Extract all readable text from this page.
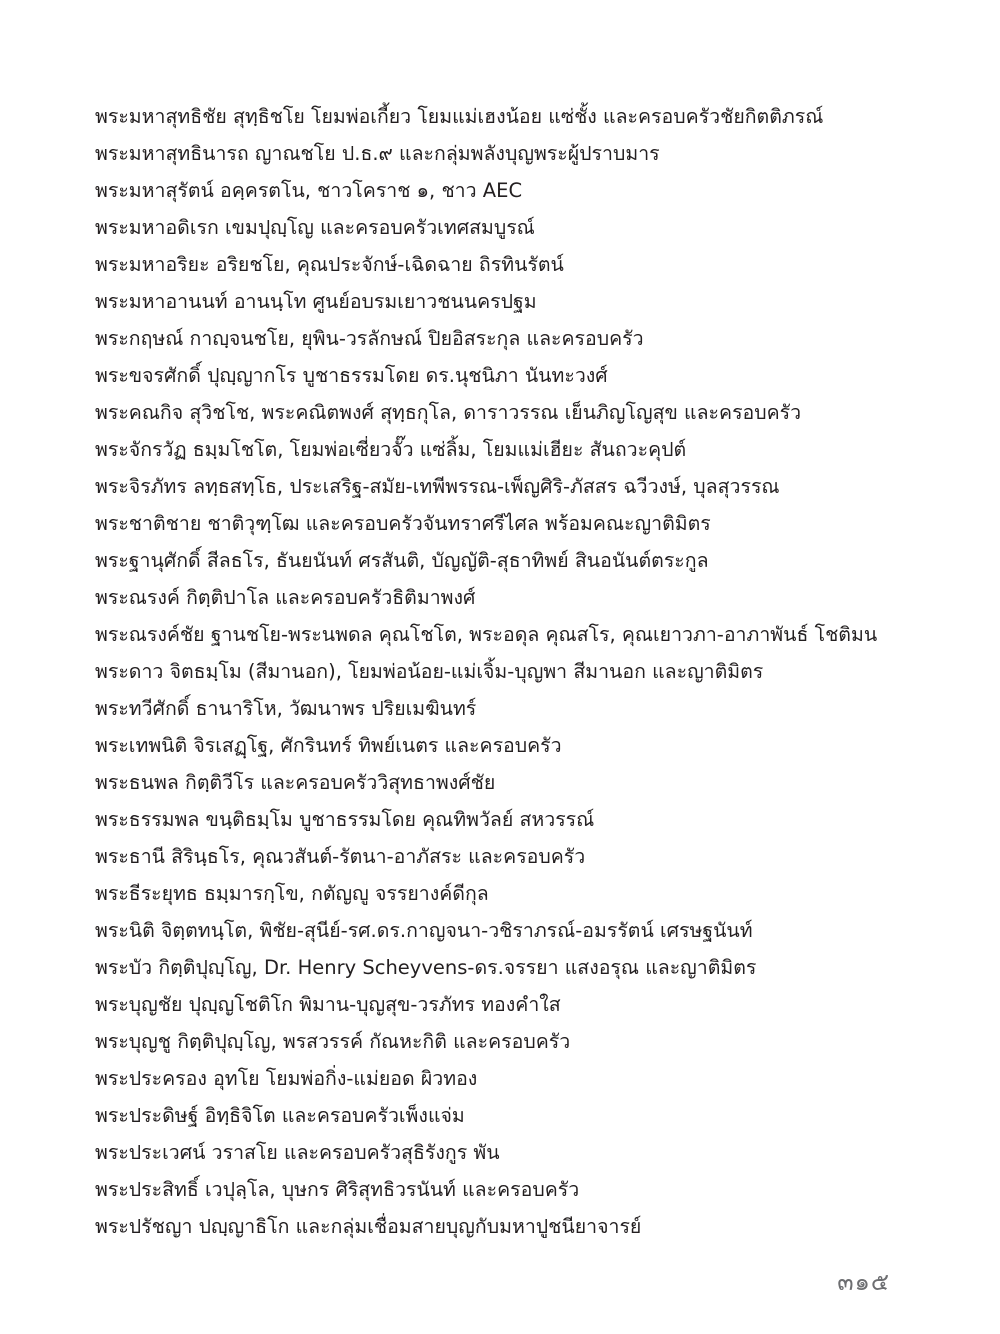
พระมหาสุทธิชัย สุทฺธิชโย โยมพ่อเกี้ยว โยมแม่เฮงน้อย แซ่ชั้ง และครอบครัวชัยกิตติภรณ์
พระมหาสุทธินารถ ญาณชโย ป.ธ.๙ และกลุ่มพลังบุญพระผู้ปราบมาร
พระมหาสุรัตน์ อคฺครตโน, ชาวโคราช ๑, ชาว AEC
พระมหาอดิเรก เขมปุญฺโญ และครอบครัวเทศสมบูรณ์
พระมหาอริยะ อริยชโย, คุณประจักษ์-เฉิดฉาย ถิรทินรัตน์
พระมหาอานนท์ อานนฺโท ศูนย์อบรมเยาวชนนครปฐม
พระกฤษณ์ กาญฺจนชโย, ยุพิน-วรลักษณ์ ปิยอิสระกุล และครอบครัว
พระขจรศักดิ์ ปุญฺญากโร บูชาธรรมโดย ดร.นุชนิภา นันทะวงศ์
พระคณกิจ สุวิชโช, พระคณิตพงศ์ สุทฺธกุโล, ดาราวรรณ เย็นภิญโญสุข และครอบครัว
พระจักรวัฏ ธมฺมโชโต, โยมพ่อเซี่ยวจั๊ว แซ่ลิ้ม, โยมแม่เฮียะ สันถวะคุปต์
พระจิรภัทร ลทฺธสทฺโธ, ประเสริฐ-สมัย-เทพีพรรณ-เพ็ญศิริ-ภัสสร ฉวีวงษ์, บุลสุวรรณ
พระชาติชาย ชาติวุฑฺโฒ และครอบครัวจันทราศรีไศล พร้อมคณะญาติมิตร
พระฐานุศักดิ์ สีลธโร, ธันยนันท์ ศรสันติ, บัญญัติ-สุธาทิพย์ สินอนันต์ตระกูล
พระณรงค์ กิตฺติปาโล และครอบครัวธิติมาพงศ์
พระณรงค์ชัย ฐานชโย-พระนพดล คุณโชโต, พระอดุล คุณสโร, คุณเยาวภา-อาภาพันธ์ โชติมน
พระดาว จิตธมฺโม (สีมานอก), โยมพ่อน้อย-แม่เจิ้ม-บุญพา สีมานอก และญาติมิตร
พระทวีศักดิ์ ธานาริโห, วัฒนาพร ปริยเมฆินทร์
พระเทพนิติ จิรเสฏฺโฐ, ศักรินทร์ ทิพย์เนตร และครอบครัว
พระธนพล กิตฺติวีโร และครอบครัววิสุทธาพงศ์ชัย
พระธรรมพล ขนฺติธมฺโม บูชาธรรมโดย คุณทิพวัลย์ สหวรรณ์
พระธานี สิรินฺธโร, คุณวสันต์-รัตนา-อาภัสระ และครอบครัว
พระธีระยุทธ ธมฺมารกฺโข, กตัญญู จรรยางค์ดีกุล
พระนิติ จิตฺตทนฺโต, พิชัย-สุนีย์-รศ.ดร.กาญจนา-วชิราภรณ์-อมรรัตน์ เศรษฐนันท์
พระบัว กิตฺติปุญฺโญ, Dr. Henry Scheyvens-ดร.จรรยา แสงอรุณ และญาติมิตร
พระบุญชัย ปุญฺญโชติโก พิมาน-บุญสุข-วรภัทร ทองคำใส
พระบุญชู กิตฺติปุญฺโญ, พรสวรรค์ กัณหะกิติ และครอบครัว
พระประครอง อุทโย โยมพ่อกิ่ง-แม่ยอด ผิวทอง
พระประดิษฐ์ อิทฺธิจิโต และครอบครัวเพ็งแจ่ม
พระประเวศน์ วราสโย และครอบครัวสุธิรังกูร พัน
พระประสิทธิ์ เวปุลฺโล, บุษกร ศิริสุทธิวรนันท์ และครอบครัว
พระปรัชญา ปญฺญาธิโก และกลุ่มเชื่อมสายบุญกับมหาปูชนียาจารย์
๓๑๕
